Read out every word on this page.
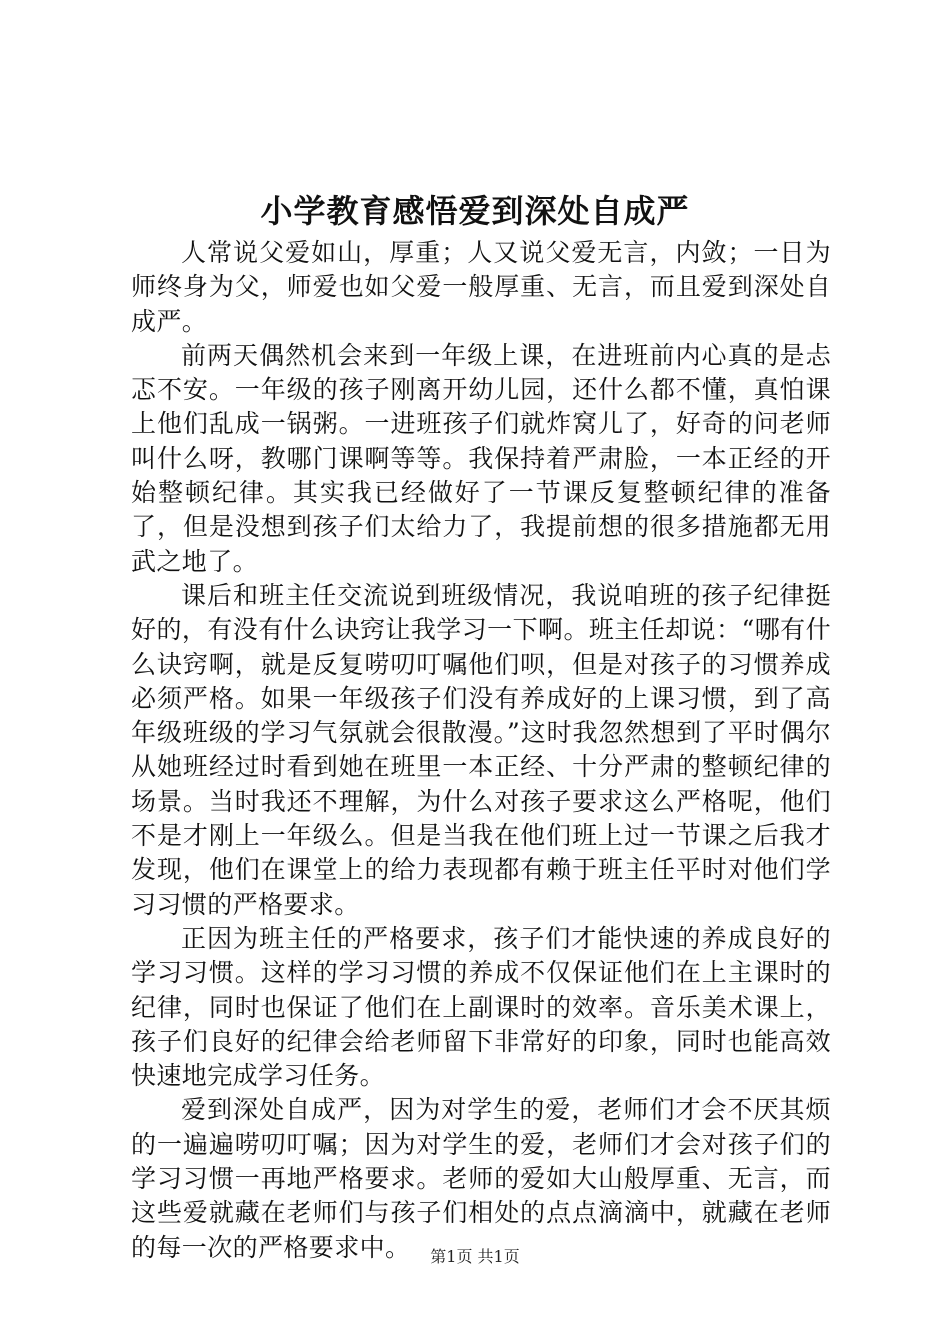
小学教育感悟爱到深处自成严

人常说父爱如山，厚重；人又说父爱无言，内敛；一日为师终身为父，师爱也如父爱一般厚重、无言，而且爱到深处自成严。

前两天偶然机会来到一年级上课，在进班前内心真的是忐忑不安。一年级的孩子刚离开幼儿园，还什么都不懂，真怕课上他们乱成一锅粥。一进班孩子们就炸窝儿了，好奇的问老师叫什么呀，教哪门课啊等等。我保持着严肃脸，一本正经的开始整顿纪律。其实我已经做好了一节课反复整顿纪律的准备了，但是没想到孩子们太给力了，我提前想的很多措施都无用武之地了。

课后和班主任交流说到班级情况，我说咱班的孩子纪律挺好的，有没有什么诀窍让我学习一下啊。班主任却说：“哪有什么诀窍啊，就是反复唠叨叮嘱他们呗，但是对孩子的习惯养成必须严格。如果一年级孩子们没有养成好的上课习惯，到了高年级班级的学习气氛就会很散漫。”这时我忽然想到了平时偶尔从她班经过时看到她在班里一本正经、十分严肃的整顿纪律的场景。当时我还不理解，为什么对孩子要求这么严格呢，他们不是才刚上一年级么。但是当我在他们班上过一节课之后我才发现，他们在课堂上的给力表现都有赖于班主任平时对他们学习习惯的严格要求。

正因为班主任的严格要求，孩子们才能快速的养成良好的学习习惯。这样的学习习惯的养成不仅保证他们在上主课时的纪律，同时也保证了他们在上副课时的效率。音乐美术课上，孩子们良好的纪律会给老师留下非常好的印象，同时也能高效快速地完成学习任务。

爱到深处自成严，因为对学生的爱，老师们才会不厌其烦的一遍遍唠叨叮嘱；因为对学生的爱，老师们才会对孩子们的学习习惯一再地严格要求。老师的爱如大山般厚重、无言，而这些爱就藏在老师们与孩子们相处的点点滴滴中，就藏在老师的每一次的严格要求中。	第1页 共1页
